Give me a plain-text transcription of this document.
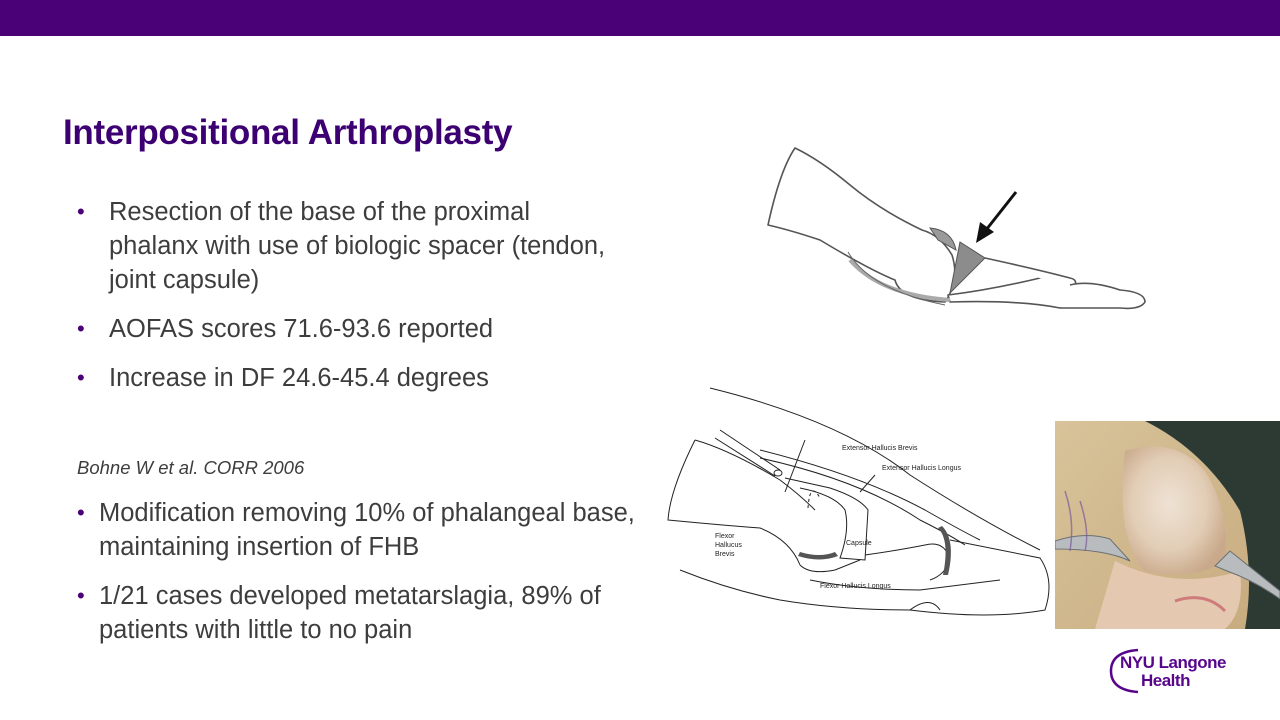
Interpositional Arthroplasty
• Resection of the base of the proximal phalanx with use of biologic spacer (tendon, joint capsule)
• AOFAS scores 71.6-93.6 reported
• Increase in DF 24.6-45.4 degrees
Bohne W et al. CORR 2006
• Modification removing 10% of phalangeal base, maintaining insertion of FHB
• 1/21 cases developed metatarslagia, 89% of patients with little to no pain
Extensor Hallucis Brevis
Extensor Hallucis Longus
Flexor
Hallucus
Brevis
Capsule
Flexor Hallucis Longus
NYU Langone
Health
